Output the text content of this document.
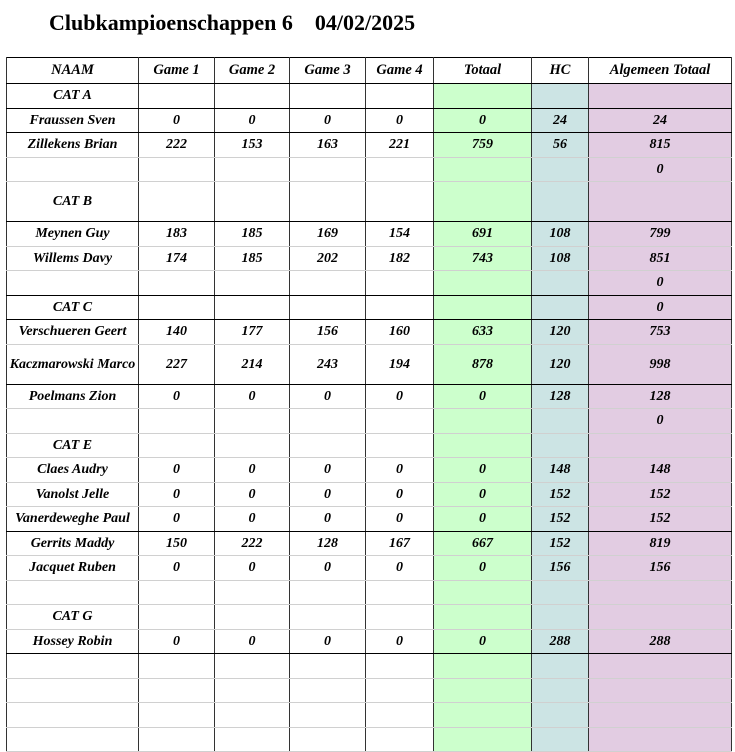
Clubkampioenschappen 6 04/02/2025
NAAM	Game 1	Game 2	Game 3	Game 4	Totaal	HC	Algemeen Totaal
CAT A							
Fraussen Sven	0	0	0	0	0	24	24
Zillekens Brian	222	153	163	221	759	56	815
							0
CAT B							
Meynen Guy	183	185	169	154	691	108	799
Willems Davy	174	185	202	182	743	108	851
							0
CAT C							0
Verschueren Geert	140	177	156	160	633	120	753
Kaczmarowski Marco	227	214	243	194	878	120	998
Poelmans Zion	0	0	0	0	0	128	128
							0
CAT E							
Claes Audry	0	0	0	0	0	148	148
Vanolst Jelle	0	0	0	0	0	152	152
Vanerdeweghe Paul	0	0	0	0	0	152	152
Gerrits Maddy	150	222	128	167	667	152	819
Jacquet Ruben	0	0	0	0	0	156	156

CAT G							
Hossey Robin	0	0	0	0	0	288	288
